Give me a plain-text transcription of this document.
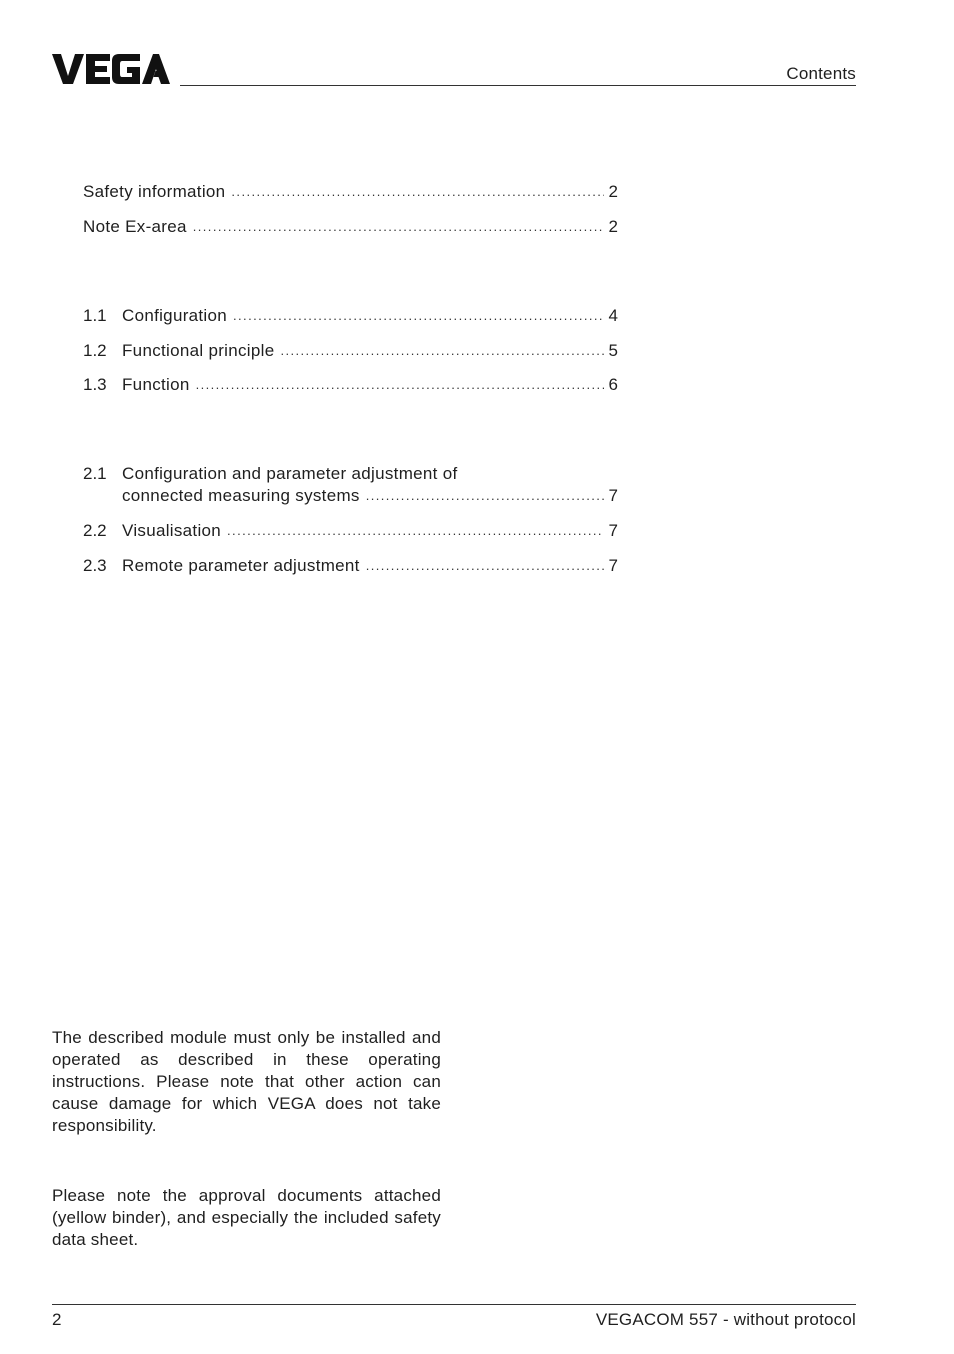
Contents
Safety information .....	2
Note Ex-area .....	2
1.1 Configuration .....	4
1.2 Functional principle .....	5
1.3 Function .....	6
2.1 Configuration and parameter adjustment of
connected measuring systems .....	7
2.2 Visualisation .....	7
2.3 Remote parameter adjustment .....	7

The described module must only be installed and operated as described in these operating instructions. Please note that other action can cause damage for which VEGA does not take responsibility.

Please note the approval documents attached (yellow binder), and especially the included safety data sheet.

2	VEGACOM 557 - without protocol
